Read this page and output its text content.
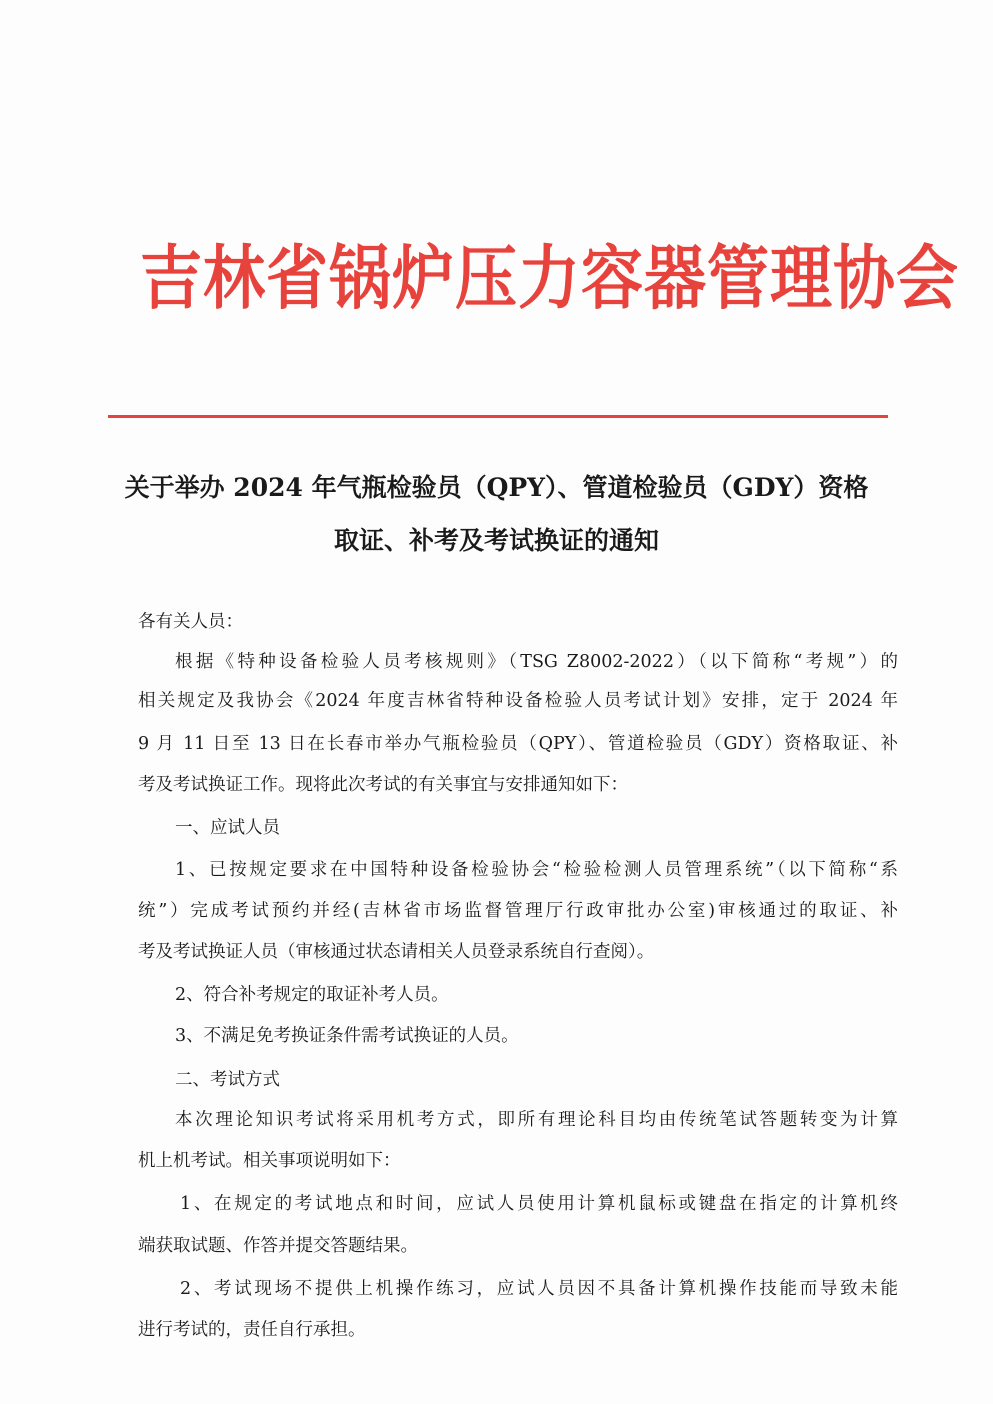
吉林省锅炉压力容器管理协会
关于举办 2024 年气瓶检验员（QPY）、管道检验员（GDY）资格
取证、补考及考试换证的通知
各有关人员：
根据《特种设备检验人员考核规则》（TSG Z8002-2022）（以下简称“考规”）的
相关规定及我协会《2024 年度吉林省特种设备检验人员考试计划》安排，定于 2024 年
9 月 11 日至 13 日在长春市举办气瓶检验员（QPY）、管道检验员（GDY）资格取证、补
考及考试换证工作。现将此次考试的有关事宜与安排通知如下：
一、应试人员
1、已按规定要求在中国特种设备检验协会“检验检测人员管理系统”（以下简称“系
统”）完成考试预约并经(吉林省市场监督管理厅行政审批办公室)审核通过的取证、补
考及考试换证人员（审核通过状态请相关人员登录系统自行查阅）。
2、符合补考规定的取证补考人员。
3、不满足免考换证条件需考试换证的人员。
二、考试方式
本次理论知识考试将采用机考方式，即所有理论科目均由传统笔试答题转变为计算
机上机考试。相关事项说明如下：
1、在规定的考试地点和时间，应试人员使用计算机鼠标或键盘在指定的计算机终
端获取试题、作答并提交答题结果。
2、考试现场不提供上机操作练习，应试人员因不具备计算机操作技能而导致未能
进行考试的，责任自行承担。
